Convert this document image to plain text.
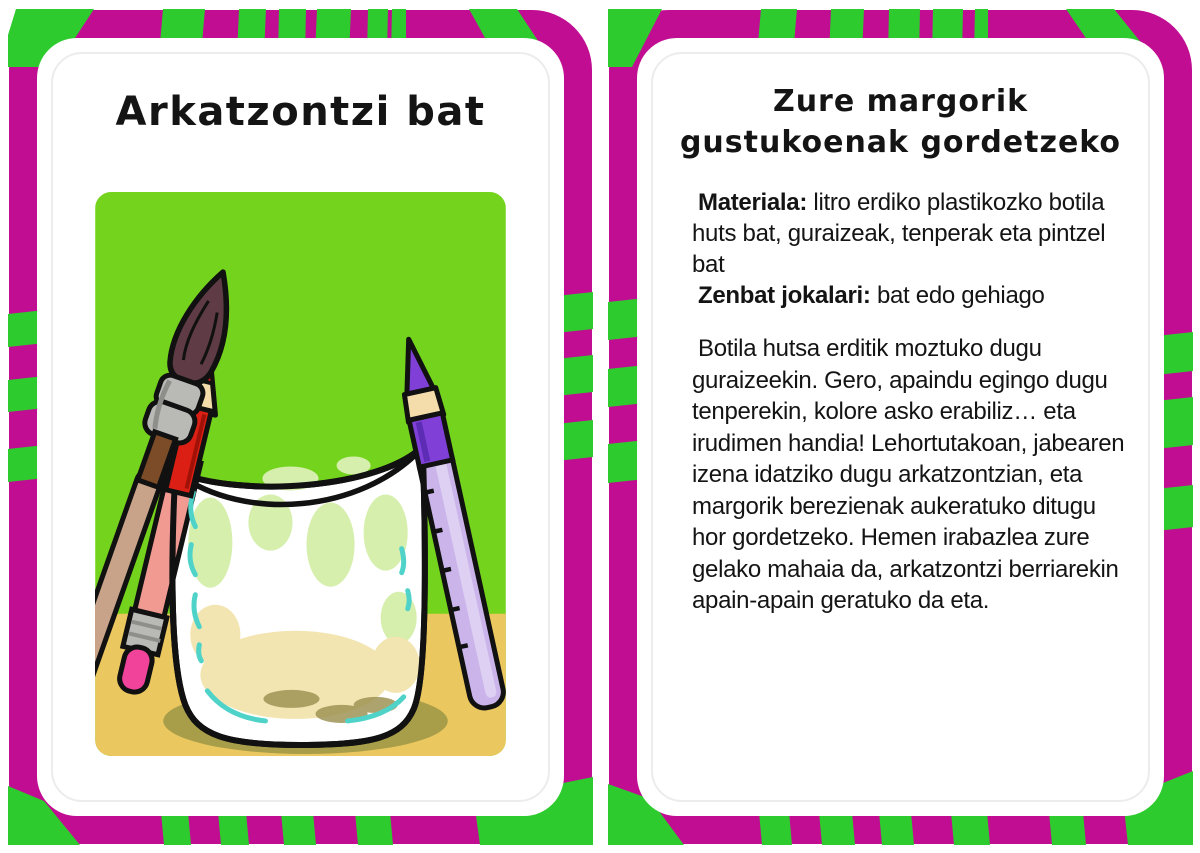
Arkatzontzi bat	Zure margorik
gustukoenak gordetzeko

Materiala: litro erdiko plastikozko botila huts bat, guraizeak, tenperak eta pintzel bat

Zenbat jokalari: bat edo gehiago

Botila hutsa erditik moztuko dugu guraizeekin. Gero, apaindu egingo dugu tenperekin, kolore asko erabiliz… eta irudimen handia! Lehortutakoan, jabearen izena idatziko dugu arkatzontzian, eta margorik berezienak aukeratuko ditugu hor gordetzeko. Hemen irabazlea zure gelako mahaia da, arkatzontzi berriarekin apain-apain geratuko da eta.
